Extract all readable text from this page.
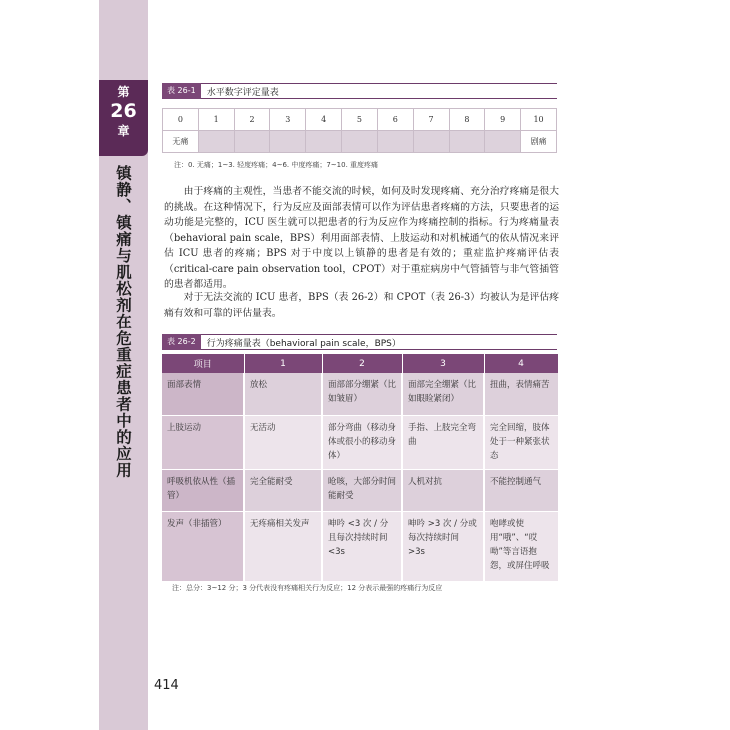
第
26
章
镇静、镇痛与肌松剂在危重症患者中的应用
表 26-1	水平数字评定量表
0	1	2	3	4	5	6	7	8	9	10
无痛										剧痛
注：0. 无痛；1~3. 轻度疼痛；4~6. 中度疼痛；7~10. 重度疼痛

由于疼痛的主观性，当患者不能交流的时候，如何及时发现疼痛、充分治疗疼痛是很大的挑战。在这种情况下，行为反应及面部表情可以作为评估患者疼痛的方法，只要患者的运动功能是完整的，ICU 医生就可以把患者的行为反应作为疼痛控制的指标。行为疼痛量表（behavioral pain scale，BPS）利用面部表情、上肢运动和对机械通气的依从情况来评估 ICU 患者的疼痛；BPS 对于中度以上镇静的患者是有效的；重症监护疼痛评估表（critical-care pain observation tool，CPOT）对于重症病房中气管插管与非气管插管的患者都适用。

对于无法交流的 ICU 患者，BPS（表 26-2）和 CPOT（表 26-3）均被认为是评估疼痛有效和可靠的评估量表。

表 26-2	行为疼痛量表（behavioral pain scale，BPS）
项目	1	2	3	4
面部表情	放松	面部部分绷紧（比如皱眉）	面部完全绷紧（比如眼睑紧闭）	扭曲，表情痛苦
上肢运动	无活动	部分弯曲（移动身体或很小的移动身体）	手指、上肢完全弯曲	完全回缩，肢体处于一种紧张状态
呼吸机依从性（插管）	完全能耐受	呛咳，大部分时间能耐受	人机对抗	不能控制通气
发声（非插管）	无疼痛相关发声	呻吟 <3 次 / 分且每次持续时间 <3s	呻吟 >3 次 / 分或每次持续时间 >3s	咆哮或使用“哦”、“哎呦”等言语抱怨，或屏住呼吸
注：总分：3~12 分；3 分代表没有疼痛相关行为反应；12 分表示最强的疼痛行为反应
414
